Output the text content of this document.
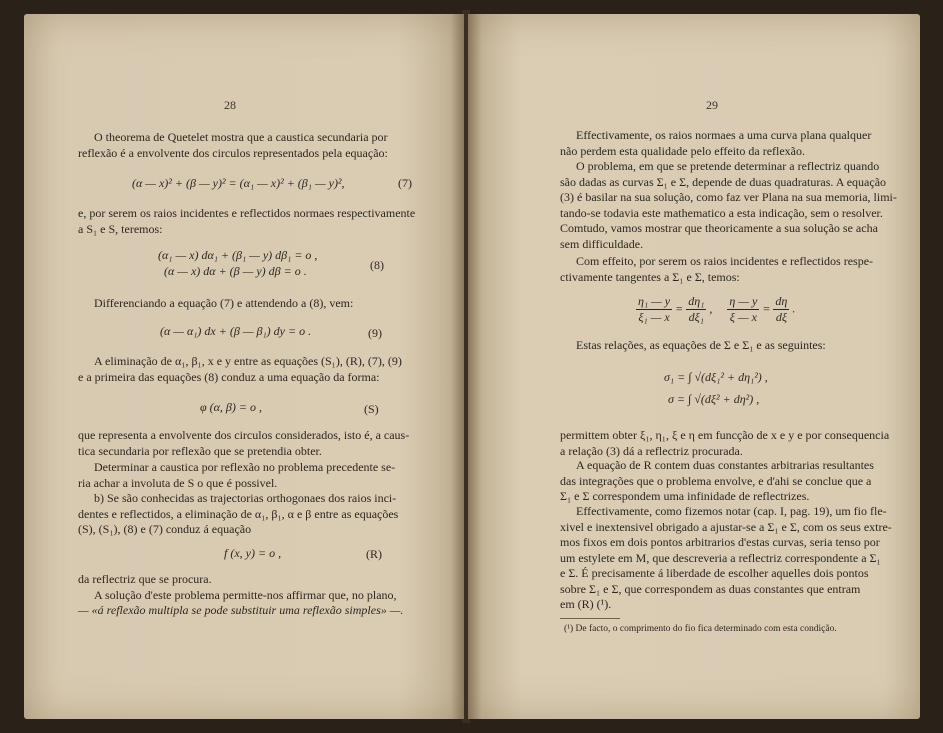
28
O theorema de Quetelet mostra que a caustica secundaria por
reflexão é a envolvente dos circulos representados pela equação:
(α — x)² + (β — y)² = (α₁ — x)² + (β₁ — y)²,	(7)
e, por serem os raios incidentes e reflectidos normaes respectivamente
a S₁ e S, teremos:
(α₁ — x) dα₁ + (β₁ — y) dβ₁ = o ,
(α — x) dα + (β — y) dβ = o .	(8)
Differenciando a equação (7) e attendendo a (8), vem:
(α — α₁) dx + (β — β₁) dy = o .	(9)
A eliminação de α₁, β₁, x e y entre as equações (S₁), (R), (7), (9)
e a primeira das equações (8) conduz a uma equação da forma:
φ (α, β) = o ,	(S)
que representa a envolvente dos circulos considerados, isto é, a caus-
tica secundaria por reflexão que se pretendia obter.
Determinar a caustica por reflexão no problema precedente se-
ria achar a involuta de S o que é possivel.
b) Se são conhecidas as trajectorias orthogonaes dos raios inci-
dentes e reflectidos, a eliminação de α₁, β₁, α e β entre as equações
(S), (S₁), (8) e (7) conduz á equação
f (x, y) = o ,	(R)
da reflectriz que se procura.
A solução d'este problema permitte-nos affirmar que, no plano,
— «á reflexão multipla se pode substituir uma reflexão simples» —.
29
Effectivamente, os raios normaes a uma curva plana qualquer
não perdem esta qualidade pelo effeito da reflexão.
O problema, em que se pretende determinar a reflectriz quando
são dadas as curvas Σ₁ e Σ, depende de duas quadraturas. A equação
(3) é basilar na sua solução, como faz ver Plana na sua memoria, limi-
tando-se todavia este mathematico a esta indicação, sem o resolver.
Comtudo, vamos mostrar que theoricamente a sua solução se acha
sem difficuldade.
Com effeito, por serem os raios incidentes e reflectidos respe-
ctivamente tangentes a Σ₁ e Σ, temos:
$\frac{\text{η₁ — y}}{\text{ξ₁ — x}} = \frac{\text{dη₁}}{\text{dξ₁}}$ , $\frac{\eta — y}{\xi — x} = \frac{d\eta}{d\xi}$ .
Estas relações, as equações de Σ e Σ₁ e as seguintes:
σ₁ = ∫ √(dξ₁² + dη₁²) ,
σ = ∫ √(dξ² + dη²) ,
permittem obter ξ₁, η₁, ξ e η em funcção de x e y e por consequencia
a relação (3) dá a reflectriz procurada.
A equação de R contem duas constantes arbitrarias resultantes
das integrações que o problema envolve, e d'ahi se conclue que a
Σ₁ e Σ correspondem uma infinidade de reflectrizes.
Effectivamente, como fizemos notar (cap. I, pag. 19), um fio fle-
xivel e inextensivel obrigado a ajustar-se a Σ₁ e Σ, com os seus extre-
mos fixos em dois pontos arbitrarios d'estas curvas, seria tenso por
um estylete em M, que descreveria a reflectriz correspondente a Σ₁
e Σ. É precisamente á liberdade de escolher aquelles dois pontos
sobre Σ₁ e Σ, que correspondem as duas constantes que entram
em (R) (¹).
(¹) De facto, o comprimento do fio fica determinado com esta condição.
